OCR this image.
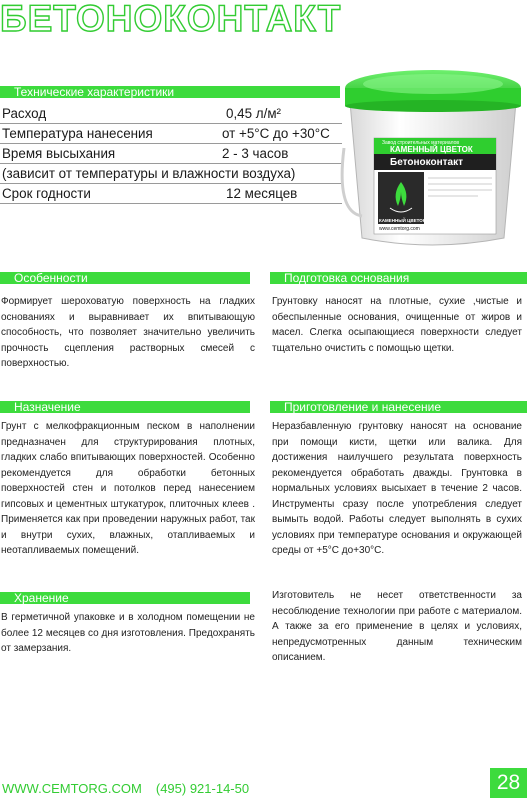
БЕТОНОКОНТАКТ
Технические характеристики
Расход	0,45 л/м²
Температура нанесения	от +5°С до +30°С
Время высыхания	2 - 3 часов
(зависит от температуры и влажности воздуха)
Срок годности	12 месяцев
Завод строительных материалов
КАМЕННЫЙ ЦВЕТОК
Бетоноконтакт
КАМЕННЫЙ ЦВЕТОК
www.cemtorg.com
Особенности

Формирует шероховатую поверхность на гладких основаниях и выравнивает их впитывающую способность, что позволяет значительно увеличить прочность сцепления растворных смесей с поверхностью.

Назначение

Грунт с мелкофракционным песком в наполнении предназначен для структурирования плотных, гладких слабо впитывающих поверхностей. Особенно рекомендуется для обработки бетонных поверхностей стен и потолков перед нанесением гипсовых и цементных штукатурок, плиточных клеев . Применяется как при проведении наружных работ, так и внутри сухих, влажных, отапливаемых и неотапливаемых помещений.

Хранение

В герметичной упаковке и в холодном помещении не более 12 месяцев со дня изготовления. Предохранять от замерзания.

Подготовка основания

Грунтовку наносят на плотные, сухие ,чистые и обеспыленные основания, очищенные от жиров и масел. Слегка осыпающиеся поверхности следует тщательно очистить с помощью щетки.

Приготовление и нанесение

Неразбавленную грунтовку наносят на основание при помощи кисти, щетки или валика. Для достижения наилучшего результата поверхность рекомендуется обработать дважды. Грунтовка в нормальных условиях высыхает в течение 2 часов. Инструменты сразу после употребления следует вымыть водой. Работы следует выполнять в сухих условиях при температуре основания и окружающей среды от +5°С до+30°С.

Изготовитель не несет ответственности за несоблюдение технологии при работе с материалом. А также за его применение в целях и условиях, непредусмотренных данным техническим описанием.

WWW.CEMTORG.COM (495) 921-14-50	28
